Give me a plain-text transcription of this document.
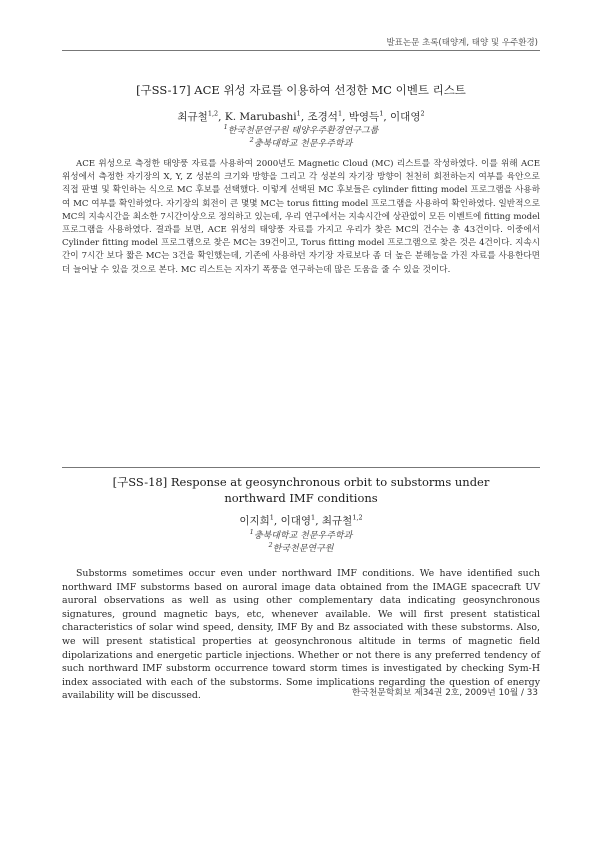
발표논문 초록(태양계, 태양 및 우주환경)
[구SS-17] ACE 위성 자료를 이용하여 선정한 MC 이벤트 리스트
최규철$^{1,2}$, K. Marubashi$^1$, 조경석$^1$, 박영득$^1$, 이대영$^2$
$^1$한국천문연구원 태양우주환경연구그룹
$^2$충북대학교 천문우주학과

ACE 위성으로 측정한 태양풍 자료를 사용하여 2000년도 Magnetic Cloud (MC) 리스트를 작성하였다. 이를 위해 ACE 위성에서 측정한 자기장의 X, Y, Z 성분의 크기와 방향을 그리고 각 성분의 자기장 방향이 천천히 회전하는지 여부를 육안으로 직접 판별 및 확인하는 식으로 MC 후보를 선택했다. 이렇게 선택된 MC 후보들은 cylinder fitting model 프로그램을 사용하여 MC 여부를 확인하였다. 자기장의 회전이 큰 몇몇 MC는 torus fitting model 프로그램을 사용하여 확인하였다. 일반적으로 MC의 지속시간을 최소한 7시간이상으로 정의하고 있는데, 우리 연구에서는 지속시간에 상관없이 모든 이벤트에 fitting model 프로그램을 사용하였다. 결과를 보면, ACE 위성의 태양풍 자료를 가지고 우리가 찾은 MC의 건수는 총 43건이다. 이중에서 Cylinder fitting model 프로그램으로 찾은 MC는 39건이고, Torus fitting model 프로그램으로 찾은 것은 4건이다. 지속시간이 7시간 보다 짧은 MC는 3건을 확인했는데, 기존에 사용하던 자기장 자료보다 좀 더 높은 분해능을 가진 자료를 사용한다면 더 늘어날 수 있을 것으로 본다. MC 리스트는 지자기 폭풍을 연구하는데 많은 도움을 줄 수 있을 것이다.

[구SS-18] Response at geosynchronous orbit to substorms under
northward IMF conditions
이지희$^1$, 이대영$^1$, 최규철$^{1,2}$
$^1$충북대학교 천문우주학과
$^2$한국천문연구원

Substorms sometimes occur even under northward IMF conditions. We have identified such northward IMF substorms based on auroral image data obtained from the IMAGE spacecraft UV auroral observations as well as using other complementary data indicating geosynchronous signatures, ground magnetic bays, etc, whenever available. We will first present statistical characteristics of solar wind speed, density, IMF By and Bz associated with these substorms. Also, we will present statistical properties at geosynchronous altitude in terms of magnetic field dipolarizations and energetic particle injections. Whether or not there is any preferred tendency of such northward IMF substorm occurrence toward storm times is investigated by checking Sym-H index associated with each of the substorms. Some implications regarding the question of energy availability will be discussed.	한국천문학회보 제34권 2호, 2009년 10월 / 33
